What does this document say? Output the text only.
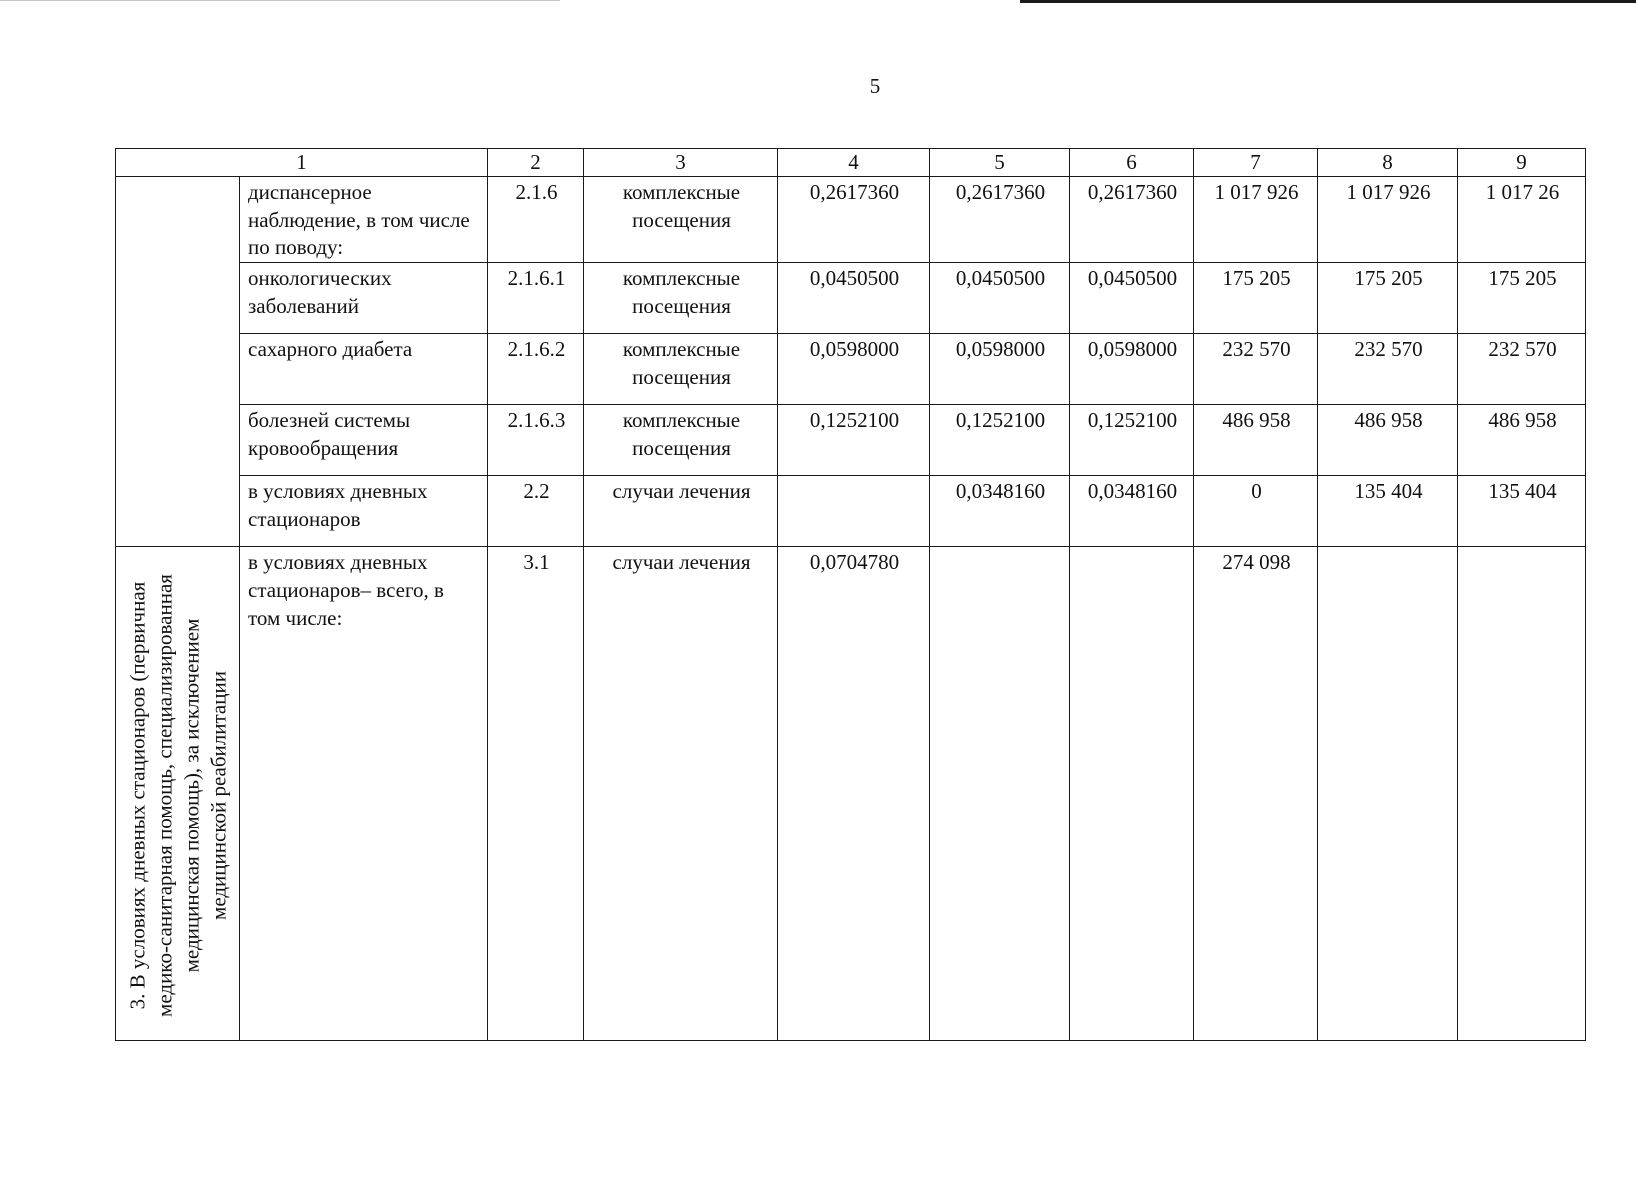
5
1		2	3	4	5	6	7	8	9
	диспансерное наблюдение, в том числе по поводу:	2.1.6	комплексные посещения	0,2617360	0,2617360	0,2617360	1 017 926	1 017 926	1 017 26
	онкологических заболеваний	2.1.6.1	комплексные посещения	0,0450500	0,0450500	0,0450500	175 205	175 205	175 205
	сахарного диабета	2.1.6.2	комплексные посещения	0,0598000	0,0598000	0,0598000	232 570	232 570	232 570
	болезней системы кровообращения	2.1.6.3	комплексные посещения	0,1252100	0,1252100	0,1252100	486 958	486 958	486 958
	в условиях дневных стационаров	2.2	случаи лечения		0,0348160	0,0348160	0	135 404	135 404

3. В условиях дневных стационаров (первичная медико-санитарная помощь, специализированная медицинская помощь), за исключением медицинской реабилитации	в условиях дневных стационаров– всего, в том числе:	3.1	случаи лечения	0,0704780			274 098		
